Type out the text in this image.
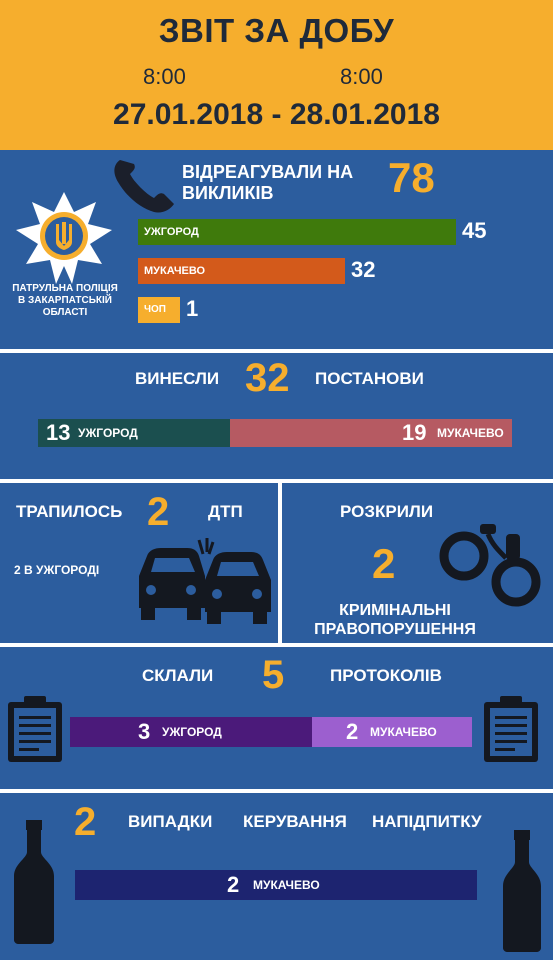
ЗВІТ ЗА ДОБУ
8:00	8:00
27.01.2018 - 28.01.2018
ВІДРЕАГУВАЛИ НА ВИКЛИКІВ	78
ПАТРУЛЬНА ПОЛІЦІЯ В ЗАКАРПАТСЬКІЙ ОБЛАСТІ
УЖГОРОД	45
МУКАЧЕВО	32
ЧОП 1
ВИНЕСЛИ 32 ПОСТАНОВИ
13 УЖГОРОД	19 МУКАЧЕВО
ТРАПИЛОСЬ 2 ДТП
2 В УЖГОРОДІ
РОЗКРИЛИ
2
КРИМІНАЛЬНІ
ПРАВОПОРУШЕННЯ
СКЛАЛИ 5	ПРОТОКОЛІВ
3 УЖГОРОД	2 МУКАЧЕВО
2 ВИПАДКИ КЕРУВАННЯ НАПІДПИТКУ
2 МУКАЧЕВО
